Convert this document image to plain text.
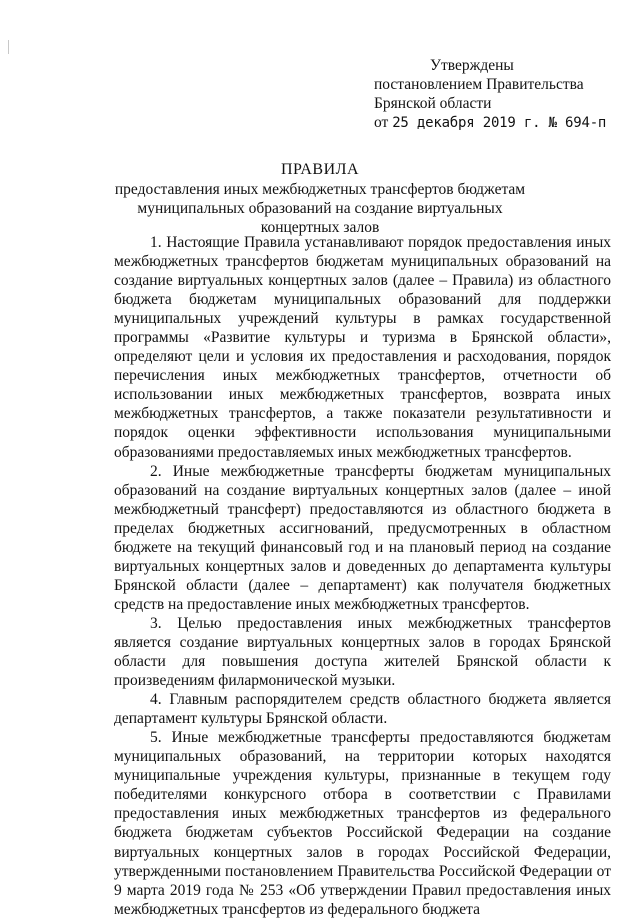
Утверждены
постановлением Правительства
Брянской области
от 25 декабря 2019 г. № 694-п
ПРАВИЛА
предоставления иных межбюджетных трансфертов бюджетам муниципальных образований на создание виртуальных концертных залов

1. Настоящие Правила устанавливают порядок предоставления иных межбюджетных трансфертов бюджетам муниципальных образований на создание виртуальных концертных залов (далее – Правила) из областного бюджета бюджетам муниципальных образований для поддержки муниципальных учреждений культуры в рамках государственной программы «Развитие культуры и туризма в Брянской области», определяют цели и условия их предоставления и расходования, порядок перечисления иных межбюджетных трансфертов, отчетности об использовании иных межбюджетных трансфертов, возврата иных межбюджетных трансфертов, а также показатели результативности и порядок оценки эффективности использования муниципальными образованиями предоставляемых иных межбюджетных трансфертов.

2. Иные межбюджетные трансферты бюджетам муниципальных образований на создание виртуальных концертных залов (далее – иной межбюджетный трансферт) предоставляются из областного бюджета в пределах бюджетных ассигнований, предусмотренных в областном бюджете на текущий финансовый год и на плановый период на создание виртуальных концертных залов и доведенных до департамента культуры Брянской области (далее – департамент) как получателя бюджетных средств на предоставление иных межбюджетных трансфертов.

3. Целью предоставления иных межбюджетных трансфертов является создание виртуальных концертных залов в городах Брянской области для повышения доступа жителей Брянской области к произведениям филармонической музыки.

4. Главным распорядителем средств областного бюджета является департамент культуры Брянской области.

5. Иные межбюджетные трансферты предоставляются бюджетам муниципальных образований, на территории которых находятся муниципальные учреждения культуры, признанные в текущем году победителями конкурсного отбора в соответствии с Правилами предоставления иных межбюджетных трансфертов из федерального бюджета бюджетам субъектов Российской Федерации на создание виртуальных концертных залов в городах Российской Федерации, утвержденными постановлением Правительства Российской Федерации от 9 марта 2019 года № 253 «Об утверждении Правил предоставления иных межбюджетных трансфертов из федерального бюджета
